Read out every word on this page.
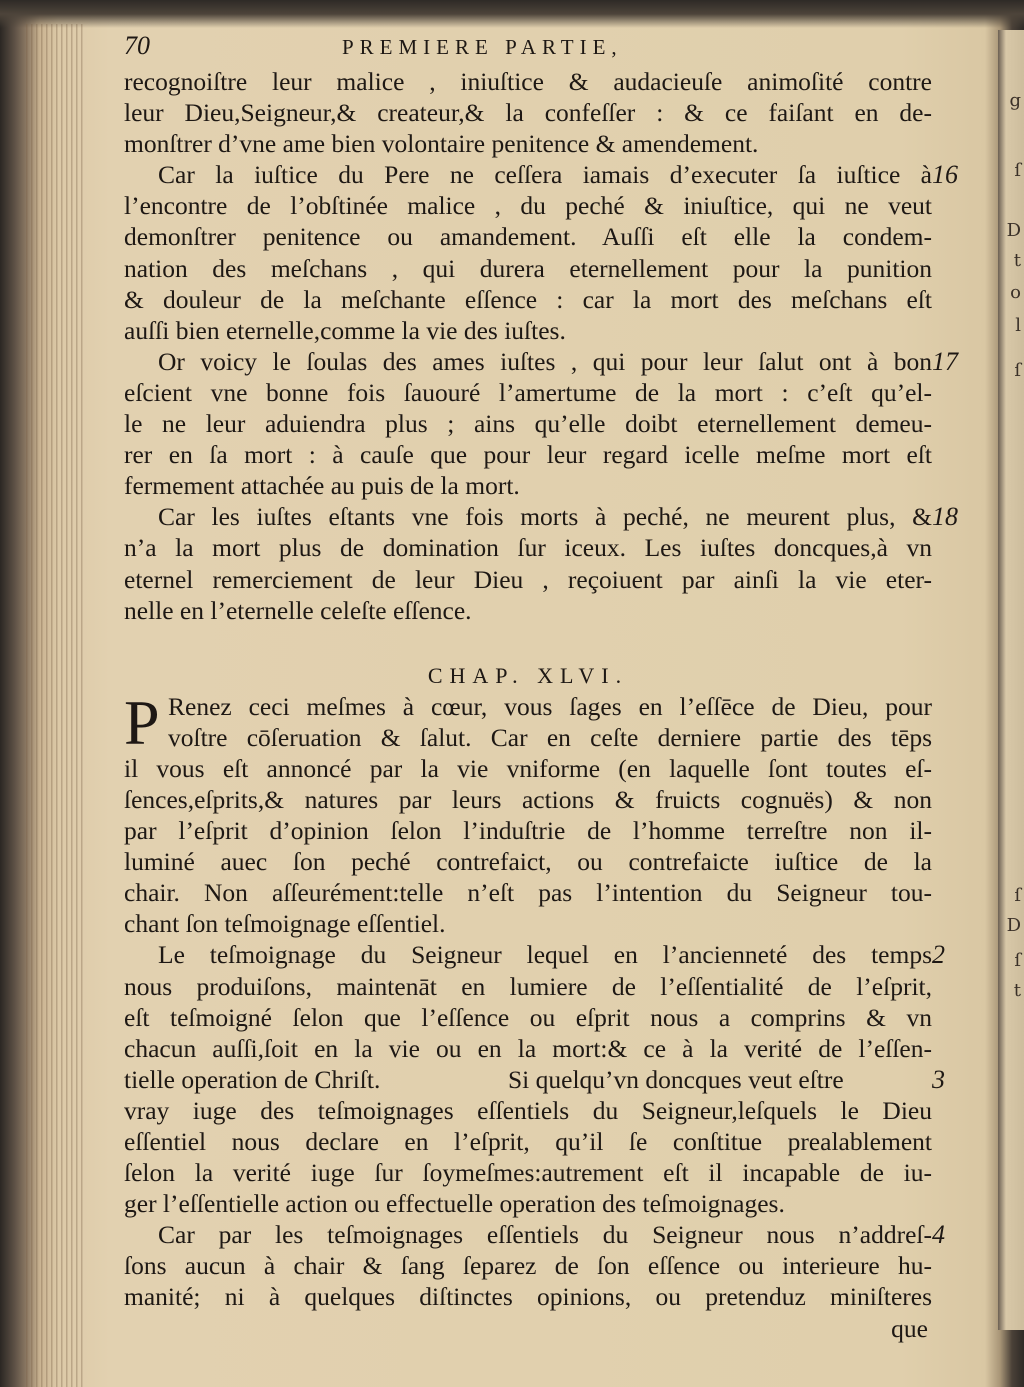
g
ſ
D
t
o
l
ſ
ſ
D
ſ
t
70	PREMIERE PARTIE,
recognoiſtre leur malice , iniuſtice & audacieuſe animoſité contre
leur Dieu,Seigneur,& createur,& la confeſſer : & ce faiſant en de-
monſtrer d’vne ame bien volontaire penitence & amendement.
16
Car la iuſtice du Pere ne ceſſera iamais d’executer ſa iuſtice à
l’encontre de l’obſtinée malice , du peché & iniuſtice, qui ne veut
demonſtrer penitence ou amandement. Auſſi eſt elle la condem-
nation des meſchans , qui durera eternellement pour la punition
& douleur de la meſchante eſſence : car la mort des meſchans eſt
auſſi bien eternelle,comme la vie des iuſtes.
17
Or voicy le ſoulas des ames iuſtes , qui pour leur ſalut ont à bon
eſcient vne bonne fois ſauouré l’amertume de la mort : c’eſt qu’el-
le ne leur aduiendra plus ; ains qu’elle doibt eternellement demeu-
rer en ſa mort : à cauſe que pour leur regard icelle meſme mort eſt
fermement attachée au puis de la mort.
18
Car les iuſtes eſtants vne fois morts à peché, ne meurent plus, &
n’a la mort plus de domination ſur iceux. Les iuſtes doncques,à vn
eternel remerciement de leur Dieu , reçoiuent par ainſi la vie eter-
nelle en l’eternelle celeſte eſſence.
CHAP. XLVI.
P Renez ceci meſmes à cœur, vous ſages en l’eſſēce de Dieu, pour
voſtre cōſeruation & ſalut. Car en ceſte derniere partie des tēps
il vous eſt annoncé par la vie vniforme (en laquelle ſont toutes eſ-
ſences,eſprits,& natures par leurs actions & fruicts cognuës) & non
par l’eſprit d’opinion ſelon l’induſtrie de l’homme terreſtre non il-
luminé auec ſon peché contrefaict, ou contrefaicte iuſtice de la
chair. Non aſſeurément:telle n’eſt pas l’intention du Seigneur tou-
chant ſon teſmoignage eſſentiel.
2
Le teſmoignage du Seigneur lequel en l’ancienneté des temps
nous produiſons, maintenāt en lumiere de l’eſſentialité de l’eſprit,
eſt teſmoigné ſelon que l’eſſence ou eſprit nous a comprins & vn
chacun auſſi,ſoit en la vie ou en la mort:& ce à la verité de l’eſſen-
tielle operation de Chriſt.	Si quelqu’vn doncques veut eſtre	3
vray iuge des teſmoignages eſſentiels du Seigneur,leſquels le Dieu
eſſentiel nous declare en l’eſprit, qu’il ſe conſtitue prealablement
ſelon la verité iuge ſur ſoymeſmes:autrement eſt il incapable de iu-
ger l’eſſentielle action ou effectuelle operation des teſmoignages.
4
Car par les teſmoignages eſſentiels du Seigneur nous n’addreſ-
ſons aucun à chair & ſang ſeparez de ſon eſſence ou interieure hu-
manité; ni à quelques diſtinctes opinions, ou pretenduz miniſteres
que
